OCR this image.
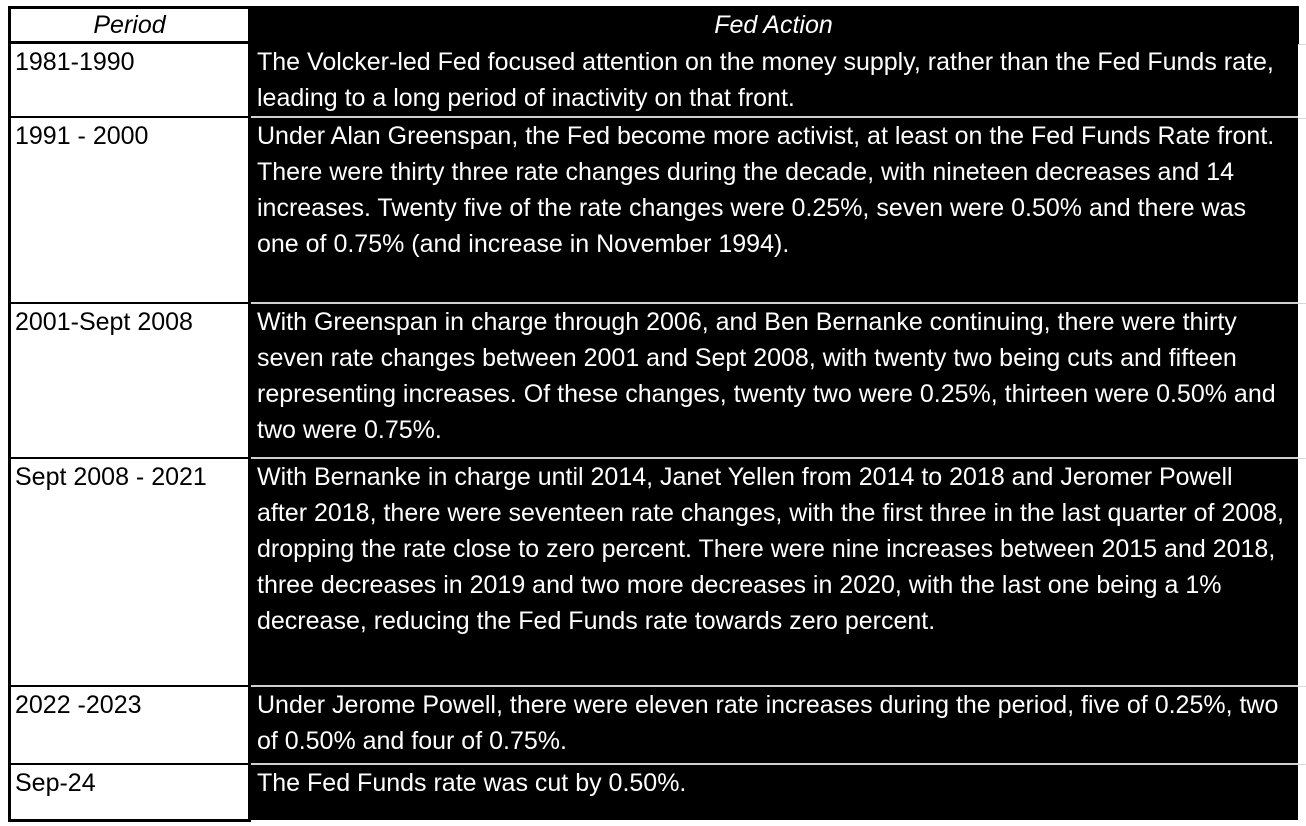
Period	Fed Action
1981-1990	The Volcker-led Fed focused attention on the money supply, rather than the Fed Funds rate, leading to a long period of inactivity on that front.
1991 - 2000	Under Alan Greenspan, the Fed become more activist, at least on the Fed Funds Rate front. There were thirty three rate changes during the decade, with nineteen decreases and 14 increases. Twenty five of the rate changes were 0.25%, seven were 0.50% and there was one of 0.75% (and increase in November 1994).
2001-Sept 2008	With Greenspan in charge through 2006, and Ben Bernanke continuing, there were thirty seven rate changes between 2001 and Sept 2008, with twenty two being cuts and fifteen representing increases. Of these changes, twenty two were 0.25%, thirteen were 0.50% and two were 0.75%.
Sept 2008 - 2021	With Bernanke in charge until 2014, Janet Yellen from 2014 to 2018 and Jeromer Powell after 2018, there were seventeen rate changes, with the first three in the last quarter of 2008, dropping the rate close to zero percent. There were nine increases between 2015 and 2018, three decreases in 2019 and two more decreases in 2020, with the last one being a 1% decrease, reducing the Fed Funds rate towards zero percent.
2022 -2023	Under Jerome Powell, there were eleven rate increases during the period, five of 0.25%, two of 0.50% and four of 0.75%.
Sep-24	The Fed Funds rate was cut by 0.50%.
